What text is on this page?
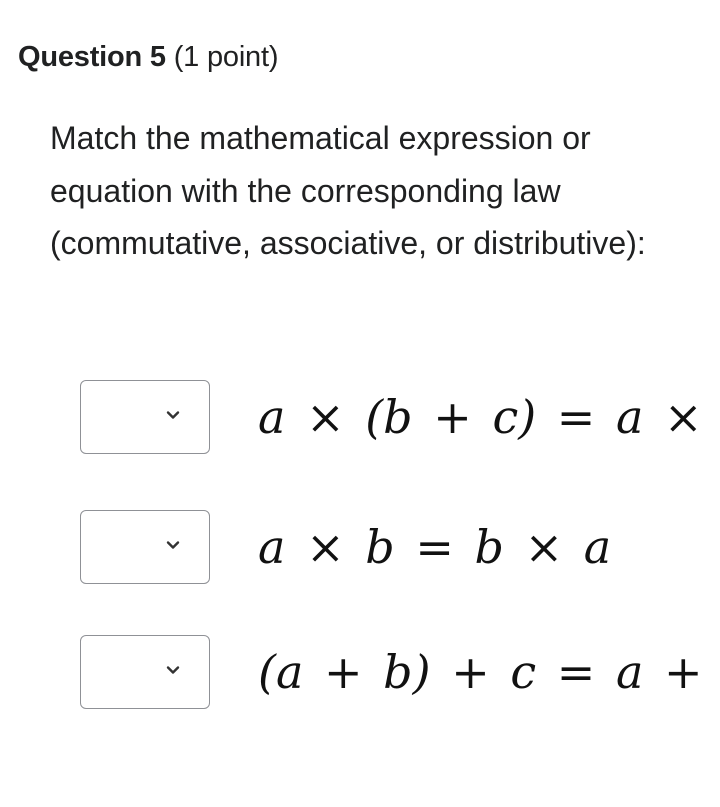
Question 5 (1 point)
Match the mathematical expression or equation with the corresponding law (commutative, associative, or distributive):
a × (b + c) = a ×
a × b = b × a
(a + b) + c = a +
